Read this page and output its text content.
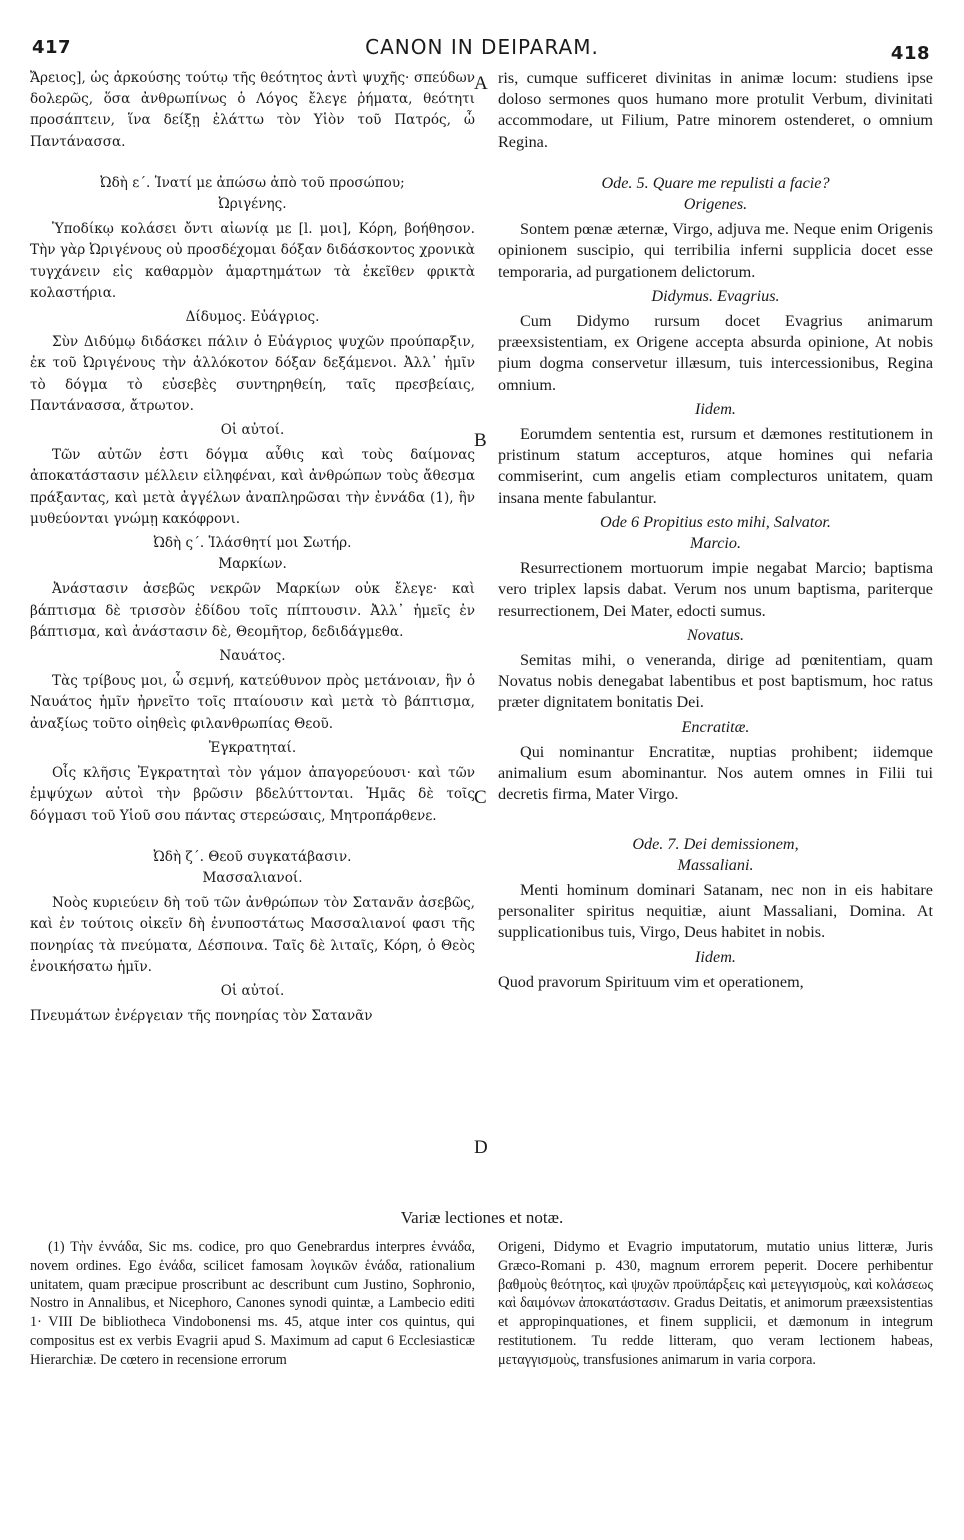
417	CANON IN DEIPARAM.	418
A
B
C
D

Ἄρειος], ὡς ἀρκούσης τούτῳ τῆς θεότητος ἀντὶ ψυχῆς· σπεύδων δολερῶς, ὅσα ἀνθρωπίνως ὁ Λόγος ἔλεγε ῥήματα, θεότητι προσάπτειν, ἵνα δείξῃ ἐλάττω τὸν Υἱὸν τοῦ Πατρός, ὦ Παντάνασσα.

Ὠδὴ ε΄. Ἱνατί με ἀπώσω ἀπὸ τοῦ προσώπου;
Ὠριγένης.

Ὑποδίκῳ κολάσει ὄντι αἰωνίᾳ με [l. μοι], Κόρη, βοήθησον. Τὴν γὰρ Ὠριγένους οὐ προσδέχομαι δόξαν διδάσκοντος χρονικὰ τυγχάνειν εἰς καθαρμὸν ἁμαρτημάτων τὰ ἐκεῖθεν φρικτὰ κολαστήρια.

Δίδυμος. Εὐάγριος.

Σὺν Διδύμῳ διδάσκει πάλιν ὁ Εὐάγριος ψυχῶν προύπαρξιν, ἐκ τοῦ Ὠριγένους τὴν ἀλλόκοτον δόξαν δεξάμενοι. Ἀλλ᾽ ἡμῖν τὸ δόγμα τὸ εὐσεβὲς συντηρηθείη, ταῖς πρεσβείαις, Παντάνασσα, ἄτρωτον.

Οἱ αὐτοί.

Τῶν αὐτῶν ἐστι δόγμα αὖθις καὶ τοὺς δαίμονας ἀποκατάστασιν μέλλειν εἰληφέναι, καὶ ἀνθρώπων τοὺς ἄθεσμα πράξαντας, καὶ μετὰ ἀγγέλων ἀναπληρῶσαι τὴν ἐννάδα (1), ἣν μυθεύονται γνώμῃ κακόφρονι.

Ὠδὴ ς΄. Ἱλάσθητί μοι Σωτήρ.
Μαρκίων.

Ἀνάστασιν ἀσεβῶς νεκρῶν Μαρκίων οὐκ ἔλεγε· καὶ βάπτισμα δὲ τρισσὸν ἐδίδου τοῖς πίπτουσιν. Ἀλλ᾽ ἡμεῖς ἐν βάπτισμα, καὶ ἀνάστασιν δὲ, Θεομῆτορ, δεδιδάγμεθα.

Ναυάτος.

Τὰς τρίβους μοι, ὦ σεμνή, κατεύθυνον πρὸς μετάνοιαν, ἣν ὁ Ναυάτος ἡμῖν ἠρνεῖτο τοῖς πταίουσιν καὶ μετὰ τὸ βάπτισμα, ἀναξίως τοῦτο οἰηθεὶς φιλανθρωπίας Θεοῦ.

Ἐγκρατηταί.

Οἷς κλῆσις Ἐγκρατηταὶ τὸν γάμον ἀπαγορεύουσι· καὶ τῶν ἐμψύχων αὐτοὶ τὴν βρῶσιν βδελύττονται. Ἡμᾶς δὲ τοῖς δόγμασι τοῦ Υἱοῦ σου πάντας στερεώσαις, Μητροπάρθενε.

Ὠδὴ ζ΄. Θεοῦ συγκατάβασιν.
Μασσαλιανοί.

Νοὸς κυριεύειν δὴ τοῦ τῶν ἀνθρώπων τὸν Σατανᾶν ἀσεβῶς, καὶ ἐν τούτοις οἰκεῖν δὴ ἐνυποστάτως Μασσαλιανοί φασι τῆς πονηρίας τὰ πνεύματα, Δέσποινα. Ταῖς δὲ λιταῖς, Κόρη, ὁ Θεὸς ἐνοικήσατω ἡμῖν.

Οἱ αὐτοί.

Πνευμάτων ἐνέργειαν τῆς πονηρίας τὸν Σατανᾶν

ris, cumque sufficeret divinitas in animæ locum: studiens ipse doloso sermones quos humano more protulit Verbum, divinitati accommodare, ut Filium, Patre minorem ostenderet, o omnium Regina.

Ode. 5. Quare me repulisti a facie?
Origenes.

Sontem pœnæ æternæ, Virgo, adjuva me. Neque enim Origenis opinionem suscipio, qui terribilia inferni supplicia docet esse temporaria, ad purgationem delictorum.

Didymus. Evagrius.

Cum Didymo rursum docet Evagrius animarum præexsistentiam, ex Origene accepta absurda opinione, At nobis pium dogma conservetur illæsum, tuis intercessionibus, Regina omnium.

Iidem.

Eorumdem sententia est, rursum et dæmones restitutionem in pristinum statum accepturos, atque homines qui nefaria commiserint, cum angelis etiam complecturos unitatem, quam insana mente fabulantur.

Ode 6 Propitius esto mihi, Salvator.
Marcio.

Resurrectionem mortuorum impie negabat Marcio; baptisma vero triplex lapsis dabat. Verum nos unum baptisma, pariterque resurrectionem, Dei Mater, edocti sumus.

Novatus.

Semitas mihi, o veneranda, dirige ad pœnitentiam, quam Novatus nobis denegabat labentibus et post baptismum, hoc ratus præter dignitatem bonitatis Dei.

Encratitæ.

Qui nominantur Encratitæ, nuptias prohibent; iidemque animalium esum abominantur. Nos autem omnes in Filii tui decretis firma, Mater Virgo.

Ode. 7. Dei demissionem,
Massaliani.

Menti hominum dominari Satanam, nec non in eis habitare personaliter spiritus nequitiæ, aiunt Massaliani, Domina. At supplicationibus tuis, Virgo, Deus habitet in nobis.

Iidem.

Quod pravorum Spirituum vim et operationem,

Variæ lectiones et notæ.

(1) Τὴν ἐννάδα, Sic ms. codice, pro quo Genebrardus interpres ἑννάδα, novem ordines. Ego ἑνάδα, scilicet famosam λογικῶν ἑνάδα, rationalium unitatem, quam præcipue proscribunt ac describunt cum Justino, Sophronio, Nostro in Annalibus, et Nicephoro, Canones synodi quintæ, a Lambecio editi 1· VIII De bibliotheca Vindobonensi ms. 45, atque inter cos quintus, qui compositus est ex verbis Evagrii apud S. Maximum ad caput 6 Ecclesiasticæ Hierarchiæ. De cœtero in recensione errorum

Origeni, Didymo et Evagrio imputatorum, mutatio unius litteræ, Juris Græco-Romani p. 430, magnum errorem peperit. Docere perhibentur βαθμοὺς θεότητος, καὶ ψυχῶν προϋπάρξεις καὶ μετεγγισμοὺς, καὶ κολάσεως καὶ δαιμόνων ἀποκατάστασιν. Gradus Deitatis, et animorum præexsistentias et appropinquationes, et finem supplicii, et dæmonum in integrum restitutionem. Tu redde litteram, quo veram lectionem habeas, μεταγγισμοὺς, transfusiones animarum in varia corpora.
